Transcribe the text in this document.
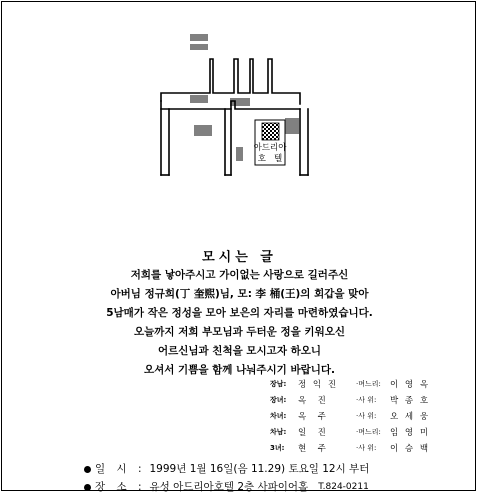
아드리아
호   텔
모시는 글
저희를 낳아주시고 가이없는 사랑으로 길러주신
아버님 정규희(丁 奎熙)님, 모: 李 桶(王)의 회갑을 맞아
5남매가 작은 정성을 모아 보은의 자리를 마련하였습니다.
오늘까지 저희 부모님과 두터운 정을 키워오신
어르신님과 친척을 모시고자 하오니
오셔서 기쁨을 함께 나눠주시기 바랍니다.
장남:	정 익 진	·며느리:	이 영 옥
장녀:	옥  진	·사 위:	박 종 호
차녀:	옥  주	·사 위:	오 세 웅
차남:	일  진	·며느리:	임 영 미
3녀:	현  주	·사 위:	이 승 백
일 시 : 1999년 1월 16일(음 11.29) 토요일 12시 부터
장 소 : 유성 아드리아호텔 2층 사파이어홀 T.824-0211
